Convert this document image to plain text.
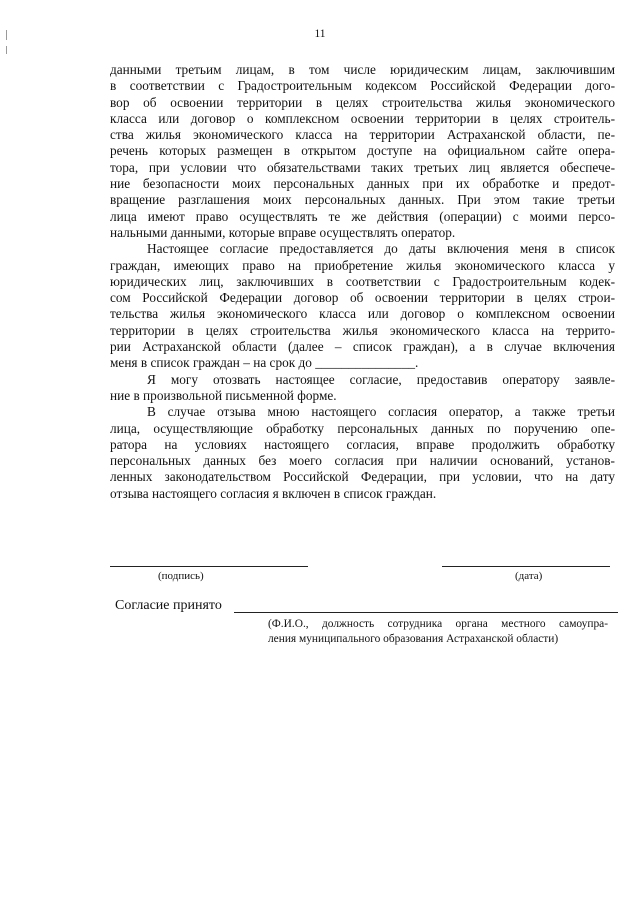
11
данными третьим лицам, в том числе юридическим лицам, заключившим
в соответствии с Градостроительным кодексом Российской Федерации дого-
вор об освоении территории в целях строительства жилья экономического
класса или договор о комплексном освоении территории в целях строитель-
ства жилья экономического класса на территории Астраханской области, пе-
речень которых размещен в открытом доступе на официальном сайте опера-
тора, при условии что обязательствами таких третьих лиц является обеспече-
ние безопасности моих персональных данных при их обработке и предот-
вращение разглашения моих персональных данных. При этом такие третьи
лица имеют право осуществлять те же действия (операции) с моими персо-
нальными данными, которые вправе осуществлять оператор.
Настоящее согласие предоставляется до даты включения меня в список
граждан, имеющих право на приобретение жилья экономического класса у
юридических лиц, заключивших в соответствии с Градостроительным кодек-
сом Российской Федерации договор об освоении территории в целях строи-
тельства жилья экономического класса или договор о комплексном освоении
территории в целях строительства жилья экономического класса на террито-
рии Астраханской области (далее – список граждан), а в случае включения
меня в список граждан – на срок до _______________.
Я могу отозвать настоящее согласие, предоставив оператору заявле-
ние в произвольной письменной форме.
В случае отзыва мною настоящего согласия оператор, а также третьи
лица, осуществляющие обработку персональных данных по поручению опе-
ратора на условиях настоящего согласия, вправе продолжить обработку
персональных данных без моего согласия при наличии оснований, установ-
ленных законодательством Российской Федерации, при условии, что на дату
отзыва настоящего согласия я включен в список граждан.
(подпись)	(дата)
Согласие принято
(Ф.И.О., должность сотрудника органа местного самоупра-
ления муниципального образования Астраханской области)
